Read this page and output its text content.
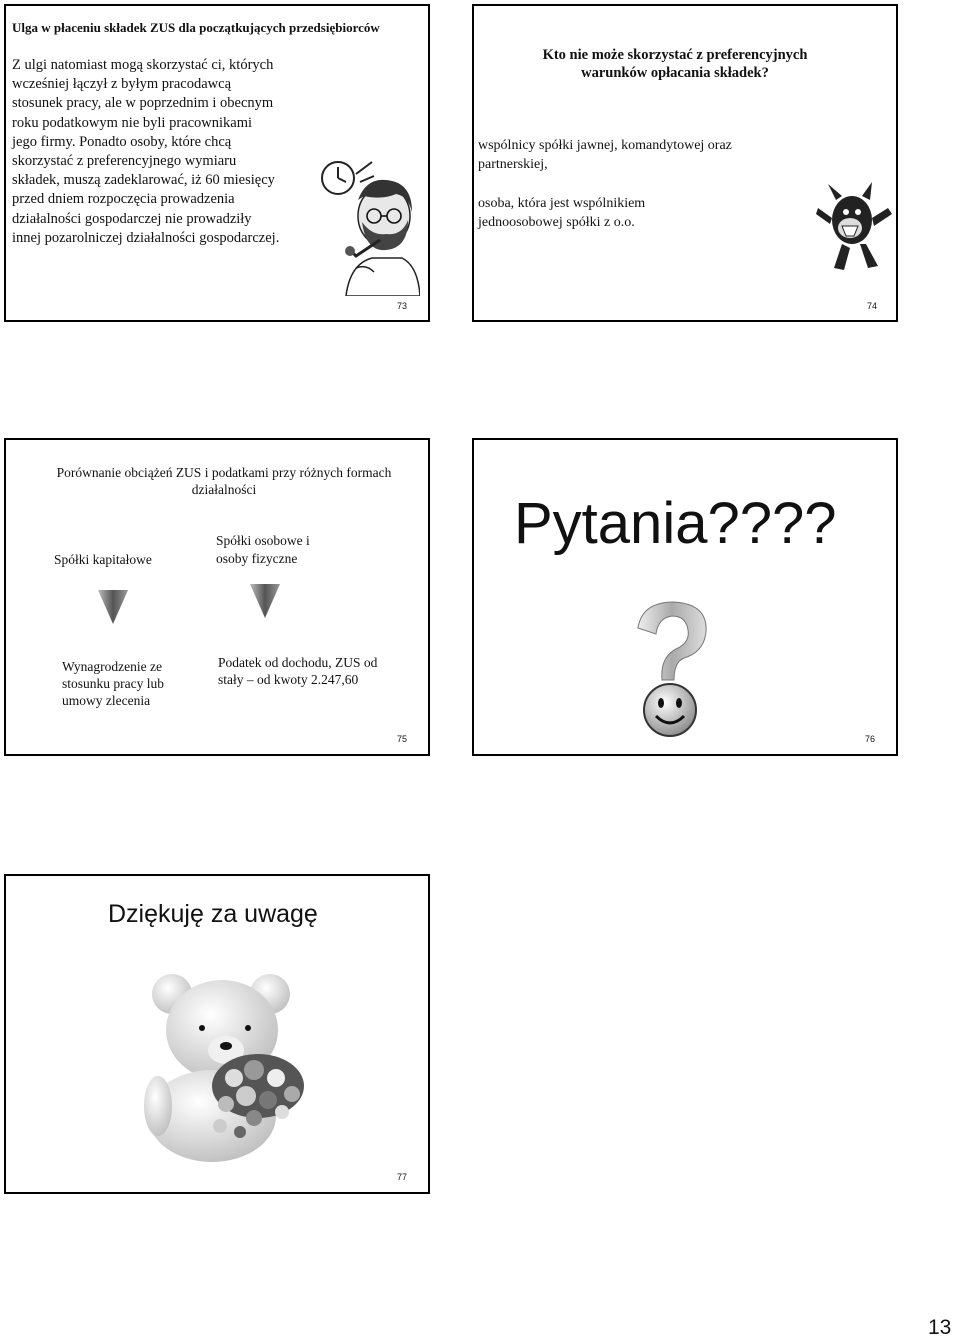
Ulga w płaceniu składek ZUS dla początkujących przedsiębiorców
Z ulgi natomiast mogą skorzystać ci, których wcześniej łączył z byłym pracodawcą stosunek pracy, ale w poprzednim i obecnym roku podatkowym nie byli pracownikami jego firmy. Ponadto osoby, które chcą skorzystać z preferencyjnego wymiaru składek, muszą zadeklarować, iż 60 miesięcy przed dniem rozpoczęcia prowadzenia działalności gospodarczej nie prowadziły innej pozarolniczej działalności gospodarczej.
73
Kto nie może skorzystać z preferencyjnych warunków opłacania składek?
wspólnicy spółki jawnej, komandytowej oraz partnerskiej,
osoba, która jest wspólnikiem jednoosobowej spółki z o.o.
74
Porównanie obciążeń ZUS i podatkami przy różnych formach działalności
Spółki kapitałowe
Spółki osobowe i osoby fizyczne
Wynagrodzenie ze stosunku pracy lub umowy zlecenia
Podatek od dochodu, ZUS od stały – od kwoty 2.247,60
75
Pytania????
76
Dziękuję za uwagę
77
13
